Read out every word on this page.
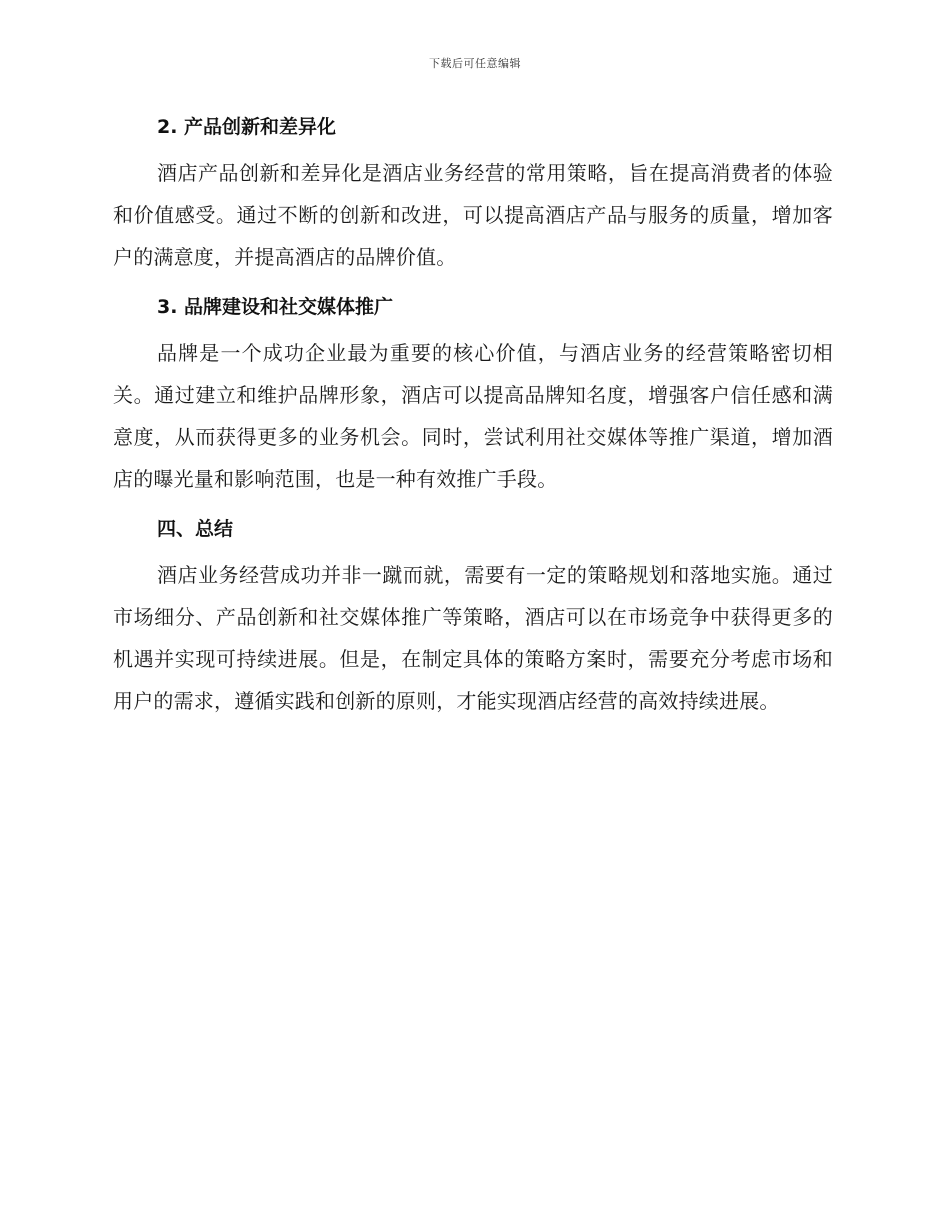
下载后可任意编辑
2. 产品创新和差异化

酒店产品创新和差异化是酒店业务经营的常用策略，旨在提高消费者的体验和价值感受。通过不断的创新和改进，可以提高酒店产品与服务的质量，增加客户的满意度，并提高酒店的品牌价值。

3. 品牌建设和社交媒体推广

品牌是一个成功企业最为重要的核心价值，与酒店业务的经营策略密切相关。通过建立和维护品牌形象，酒店可以提高品牌知名度，增强客户信任感和满意度，从而获得更多的业务机会。同时，尝试利用社交媒体等推广渠道，增加酒店的曝光量和影响范围，也是一种有效推广手段。

四、总结

酒店业务经营成功并非一蹴而就，需要有一定的策略规划和落地实施。通过市场细分、产品创新和社交媒体推广等策略，酒店可以在市场竞争中获得更多的机遇并实现可持续进展。但是，在制定具体的策略方案时，需要充分考虑市场和用户的需求，遵循实践和创新的原则，才能实现酒店经营的高效持续进展。
